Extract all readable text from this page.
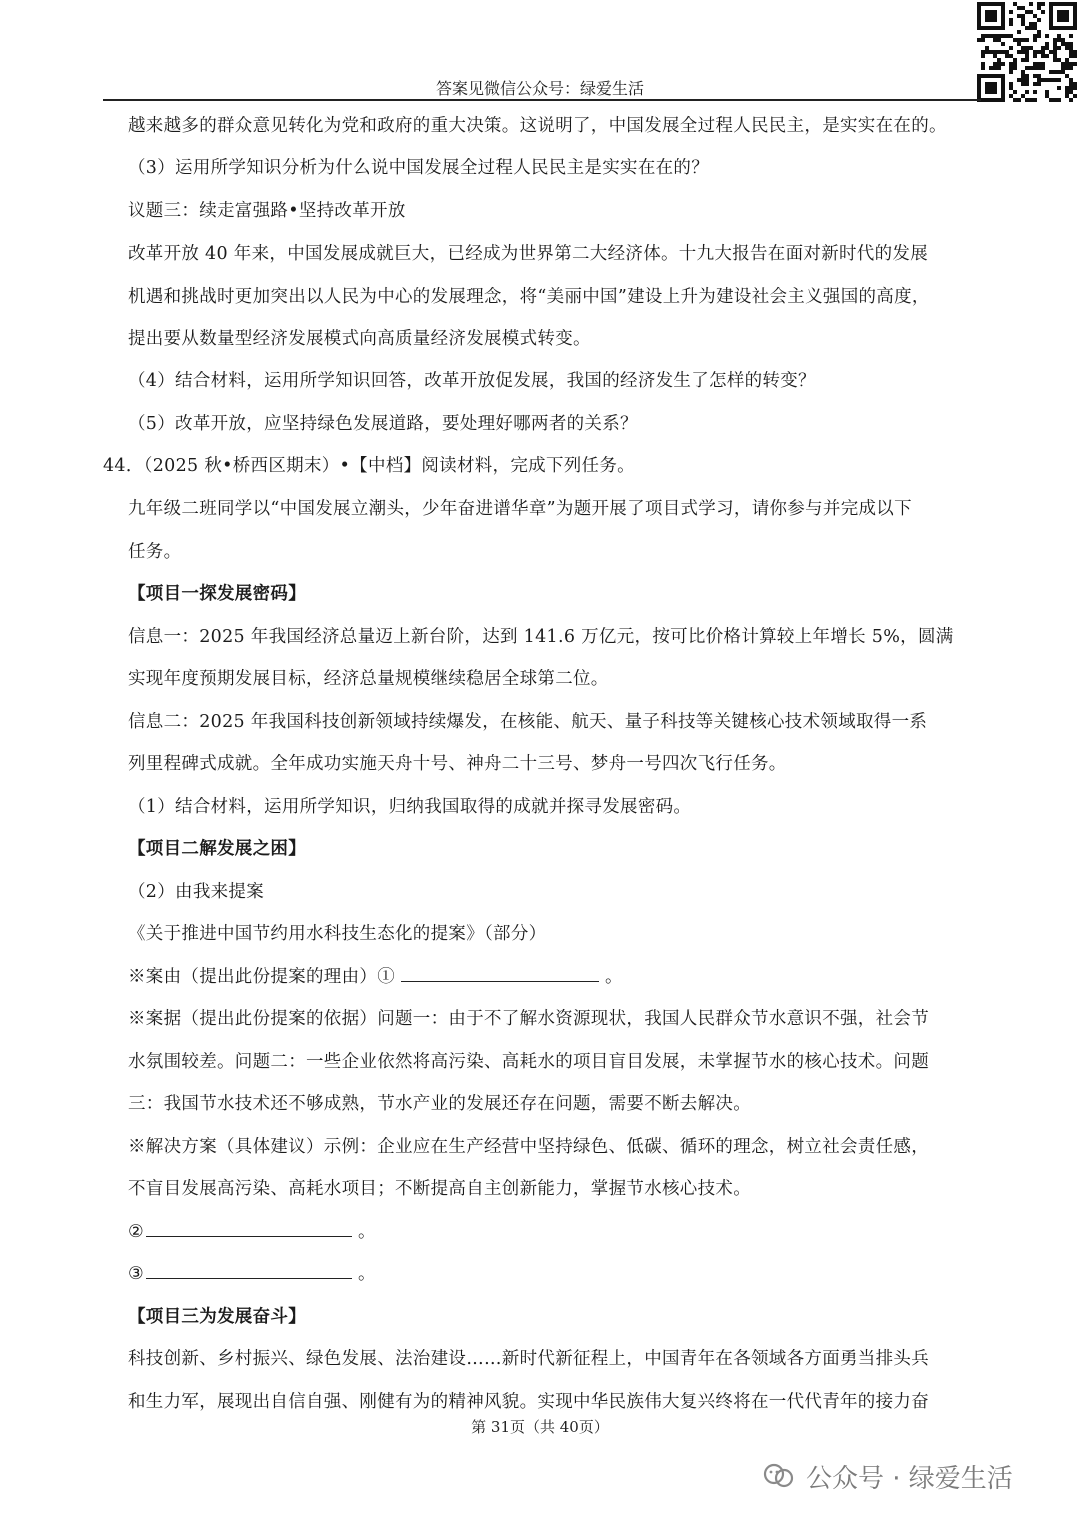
答案见微信公众号：绿爱生活
越来越多的群众意见转化为党和政府的重大决策。这说明了，中国发展全过程人民民主，是实实在在的。
（3）运用所学知识分析为什么说中国发展全过程人民民主是实实在在的？
议题三：续走富强路•坚持改革开放
改革开放 40 年来，中国发展成就巨大，已经成为世界第二大经济体。十九大报告在面对新时代的发展
机遇和挑战时更加突出以人民为中心的发展理念，将“美丽中国”建设上升为建设社会主义强国的高度，
提出要从数量型经济发展模式向高质量经济发展模式转变。
（4）结合材料，运用所学知识回答，改革开放促发展，我国的经济发生了怎样的转变？
（5）改革开放，应坚持绿色发展道路，要处理好哪两者的关系？
44．（2025 秋•桥西区期末）•【中档】阅读材料，完成下列任务。
九年级二班同学以“中国发展立潮头，少年奋进谱华章”为题开展了项目式学习，请你参与并完成以下
任务。
【项目一探发展密码】
信息一：2025 年我国经济总量迈上新台阶，达到 141.6 万亿元，按可比价格计算较上年增长 5%，圆满
实现年度预期发展目标，经济总量规模继续稳居全球第二位。
信息二：2025 年我国科技创新领域持续爆发，在核能、航天、量子科技等关键核心技术领域取得一系
列里程碑式成就。全年成功实施天舟十号、神舟二十三号、梦舟一号四次飞行任务。
（1）结合材料，运用所学知识，归纳我国取得的成就并探寻发展密码。
【项目二解发展之困】
（2）由我来提案
《关于推进中国节约用水科技生态化的提案》（部分）
※案由（提出此份提案的理由）①	。
※案据（提出此份提案的依据）问题一：由于不了解水资源现状，我国人民群众节水意识不强，社会节
水氛围较差。问题二：一些企业依然将高污染、高耗水的项目盲目发展，未掌握节水的核心技术。问题
三：我国节水技术还不够成熟，节水产业的发展还存在问题，需要不断去解决。
※解决方案（具体建议）示例：企业应在生产经营中坚持绿色、低碳、循环的理念，树立社会责任感，
不盲目发展高污染、高耗水项目；不断提高自主创新能力，掌握节水核心技术。
②	。
③	。
【项目三为发展奋斗】
科技创新、乡村振兴、绿色发展、法治建设……新时代新征程上，中国青年在各领域各方面勇当排头兵
和生力军，展现出自信自强、刚健有为的精神风貌。实现中华民族伟大复兴终将在一代代青年的接力奋
第 31页（共 40页）
公众号 · 绿爱生活
